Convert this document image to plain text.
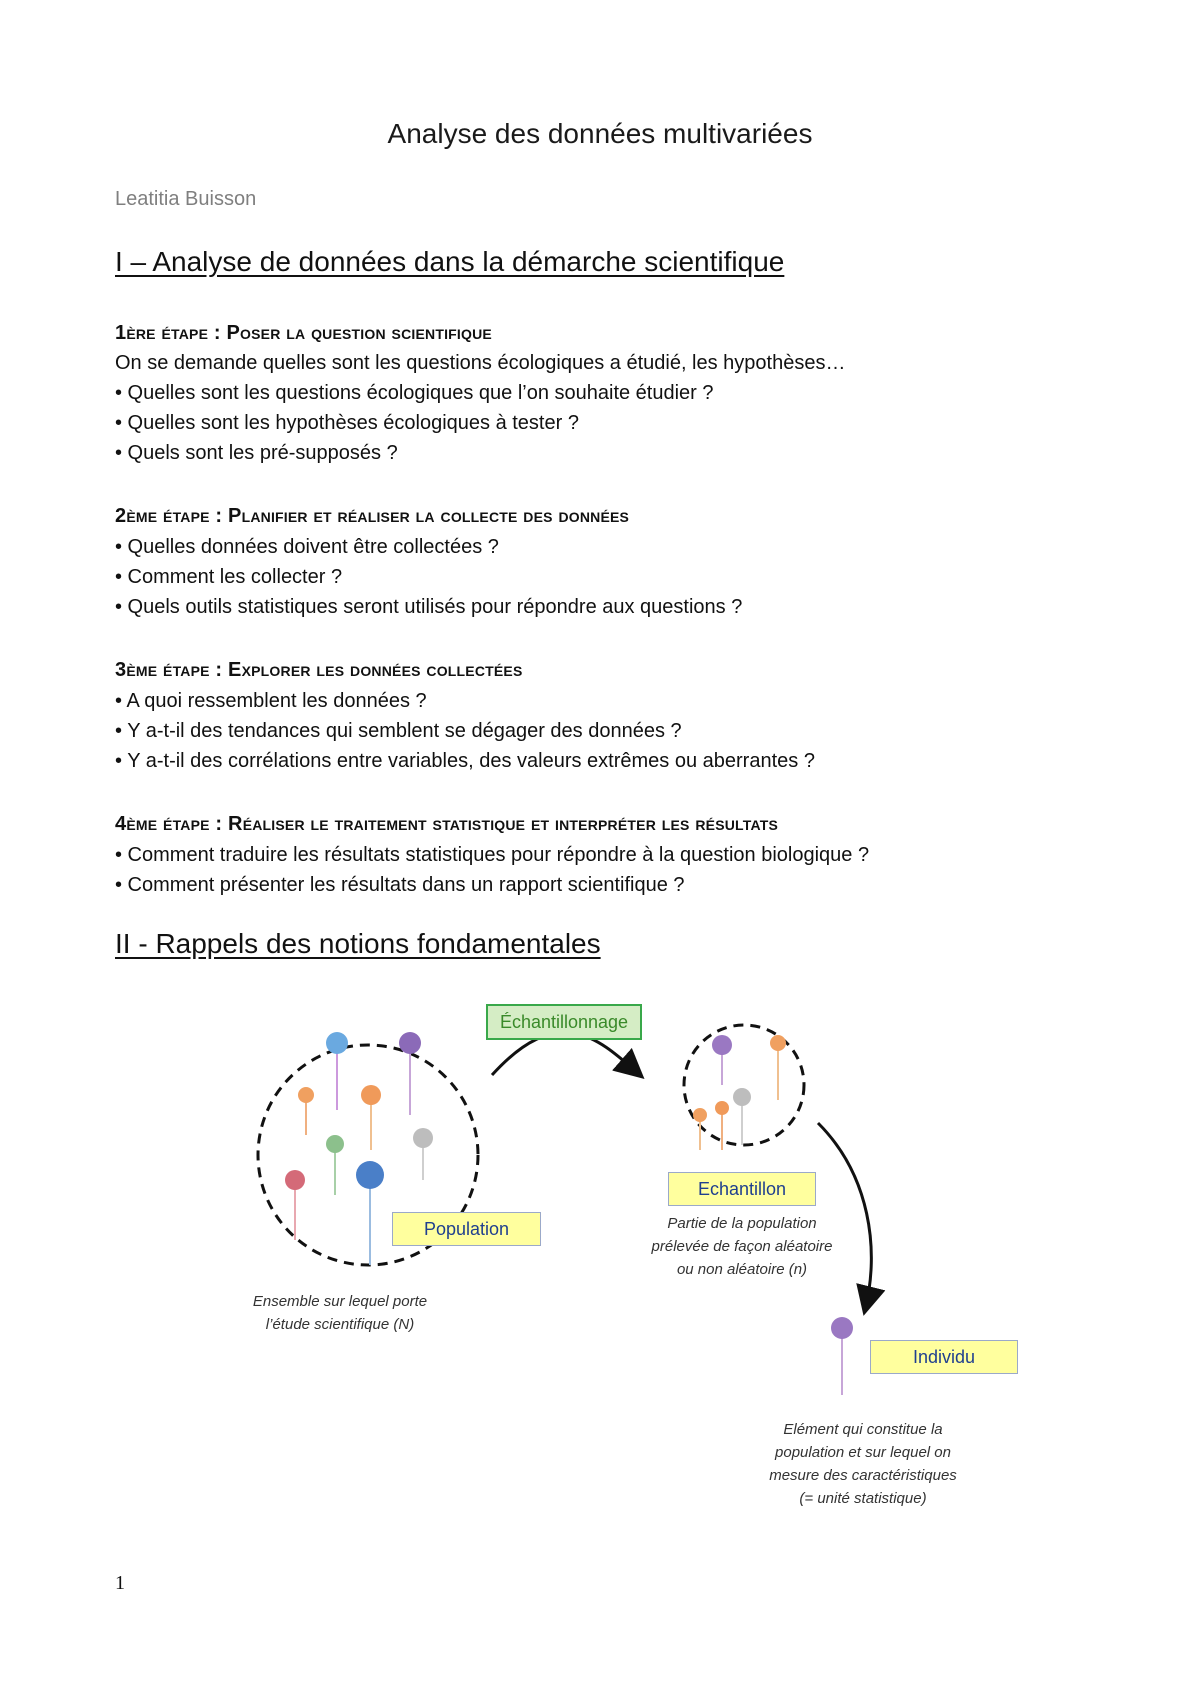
Analyse des données multivariées
Leatitia Buisson
I – Analyse de données dans la démarche scientifique
1ère étape : Poser la question scientifique
On se demande quelles sont les questions écologiques a étudié, les hypothèses…
• Quelles sont les questions écologiques que l’on souhaite étudier ?
• Quelles sont les hypothèses écologiques à tester ?
• Quels sont les pré-supposés ?
2ème étape : Planifier et réaliser la collecte des données
• Quelles données doivent être collectées ?
• Comment les collecter ?
• Quels outils statistiques seront utilisés pour répondre aux questions ?
3ème étape : Explorer les données collectées
• A quoi ressemblent les données ?
• Y a-t-il des tendances qui semblent se dégager des données ?
• Y a-t-il des corrélations entre variables, des valeurs extrêmes ou aberrantes ?
4ème étape : Réaliser le traitement statistique et interpréter les résultats
• Comment traduire les résultats statistiques pour répondre à la question biologique ?
• Comment présenter les résultats dans un rapport scientifique ?
II - Rappels des notions fondamentales
Échantillonnage
Population
Echantillon
Individu
Ensemble sur lequel porte
l’étude scientifique (N)
Partie de la population
prélevée de façon aléatoire
ou non aléatoire (n)
Elément qui constitue la
population et sur lequel on
mesure des caractéristiques
(= unité statistique)
1
